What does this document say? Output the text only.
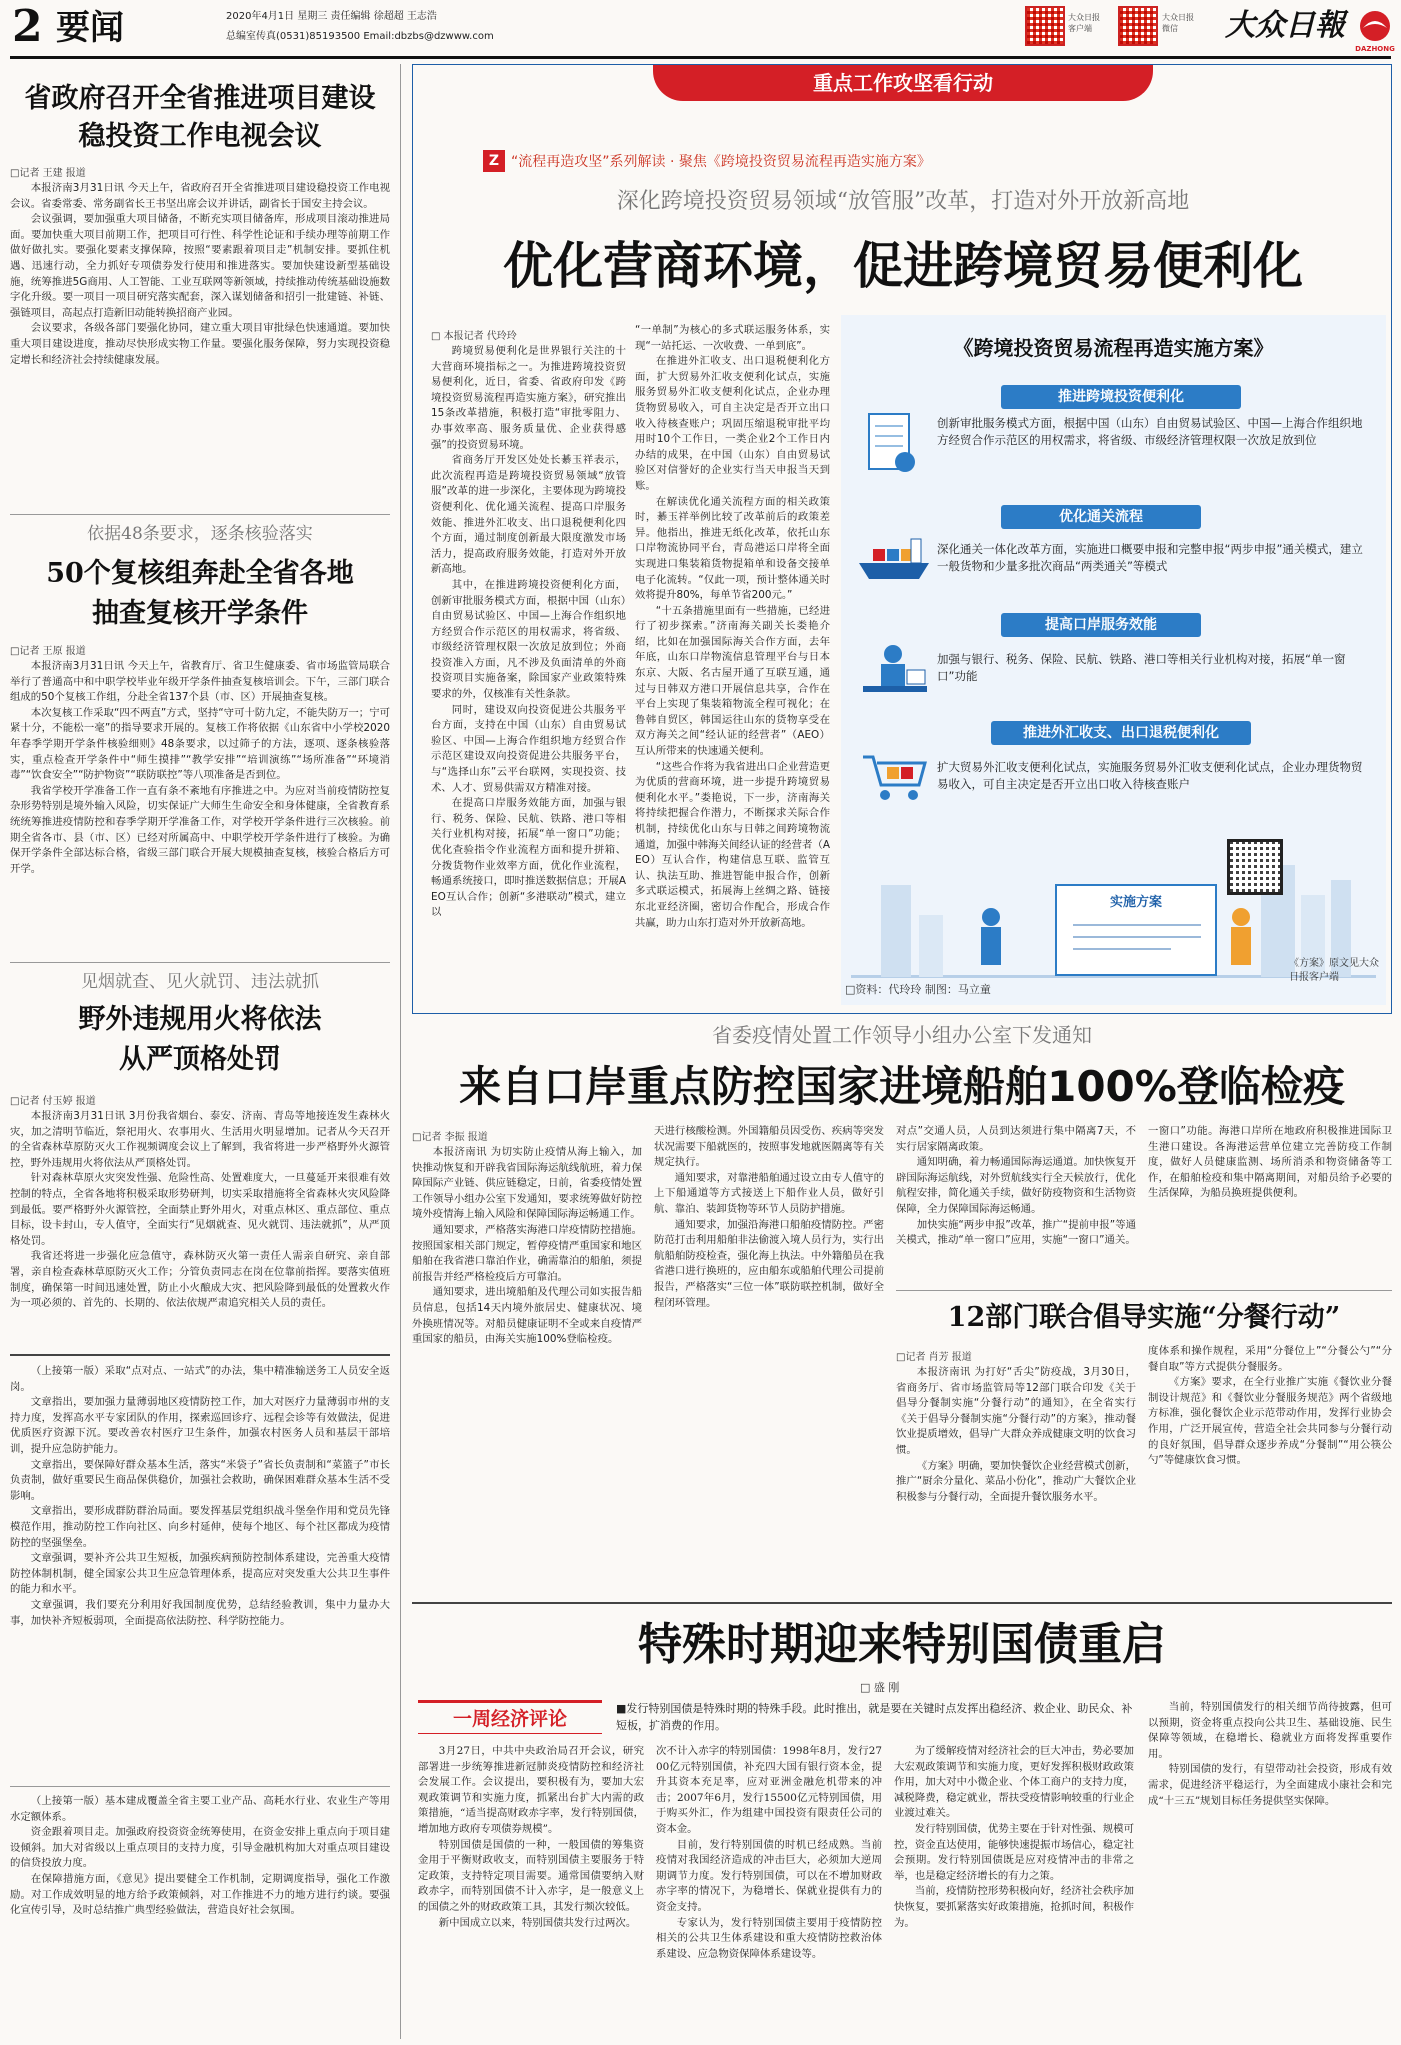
2 要闻	2020年4月1日 星期三 责任编辑 徐超超 王志浩
总编室传真(0531)85193500 Email:dbzbs@dzwww.com
大众日报
客户端
大众日报
微信	大众日報
DAZHONG
省政府召开全省推进项目建设
稳投资工作电视会议
□记者 王建 报道

本报济南3月31日讯 今天上午，省政府召开全省推进项目建设稳投资工作电视会议。省委常委、常务副省长王书坚出席会议并讲话，副省长于国安主持会议。

会议强调，要加强重大项目储备，不断充实项目储备库，形成项目滚动推进局面。要加快重大项目前期工作，把项目可行性、科学性论证和手续办理等前期工作做好做扎实。要强化要素支撑保障，按照“要素跟着项目走”机制安排。要抓住机遇、迅速行动，全力抓好专项债券发行使用和推进落实。要加快建设新型基础设施，统筹推进5G商用、人工智能、工业互联网等新领域，持续推动传统基础设施数字化升级。要一项目一项目研究落实配套，深入谋划储备和招引一批建链、补链、强链项目，高起点打造新旧动能转换招商产业园。

会议要求，各级各部门要强化协同，建立重大项目审批绿色快速通道。要加快重大项目建设进度，推动尽快形成实物工作量。要强化服务保障，努力实现投资稳定增长和经济社会持续健康发展。

依据48条要求，逐条核验落实
50个复核组奔赴全省各地
抽查复核开学条件
□记者 王原 报道

本报济南3月31日讯 今天上午，省教育厅、省卫生健康委、省市场监管局联合举行了普通高中和中职学校毕业年级开学条件抽查复核培训会。下午，三部门联合组成的50个复核工作组，分赴全省137个县（市、区）开展抽查复核。

本次复核工作采取“四不两直”方式，坚持“守可十防九定，不能失防万一；宁可紧十分，不能松一毫”的指导要求开展的。复核工作将依据《山东省中小学校2020年春季学期开学条件核验细则》48条要求，以过筛子的方法，逐项、逐条核验落实，重点检查开学条件中“师生摸排”“教学安排”“培训演练”“场所准备”“环境消毒”“饮食安全”“防护物资”“联防联控”等八项准备是否到位。

我省学校开学准备工作一直有条不紊地有序推进之中。为应对当前疫情防控复杂形势特别是境外输入风险，切实保证广大师生生命安全和身体健康，全省教育系统统筹推进疫情防控和春季学期开学准备工作，对学校开学条件进行三次核验。前期全省各市、县（市、区）已经对所属高中、中职学校开学条件进行了核验。为确保开学条件全部达标合格，省级三部门联合开展大规模抽查复核，核验合格后方可开学。

见烟就查、见火就罚、违法就抓
野外违规用火将依法
从严顶格处罚
□记者 付玉婷 报道

本报济南3月31日讯 3月份我省烟台、泰安、济南、青岛等地接连发生森林火灾，加之清明节临近，祭祀用火、农事用火、生活用火明显增加。记者从今天召开的全省森林草原防灭火工作视频调度会议上了解到，我省将进一步严格野外火源管控，野外违规用火将依法从严顶格处罚。

针对森林草原火灾突发性强、危险性高、处置难度大，一旦蔓延开来很难有效控制的特点，全省各地将积极采取形势研判，切实采取措施将全省森林火灾风险降到最低。要严格野外火源管控，全面禁止野外用火，对重点林区、重点部位、重点目标，设卡封山，专人值守，全面实行“见烟就查、见火就罚、违法就抓”，从严顶格处罚。

我省还将进一步强化应急值守，森林防灭火第一责任人需亲自研究、亲自部署，亲自检查森林草原防灭火工作；分管负责同志在岗在位靠前指挥。要落实值班制度，确保第一时间迅速处置，防止小火酿成大灾、把风险降到最低的处置救火作为一项必须的、首先的、长期的、依法依规严肃追究相关人员的责任。

（上接第一版）采取“点对点、一站式”的办法，集中精准输送务工人员安全返岗。

文章指出，要加强力量薄弱地区疫情防控工作，加大对医疗力量薄弱市州的支持力度，发挥高水平专家团队的作用，探索巡回诊疗、远程会诊等有效做法，促进优质医疗资源下沉。要改善农村医疗卫生条件，加强农村医务人员和基层干部培训，提升应急防护能力。

文章指出，要保障好群众基本生活，落实“米袋子”省长负责制和“菜篮子”市长负责制，做好重要民生商品保供稳价，加强社会救助，确保困难群众基本生活不受影响。

文章指出，要形成群防群治局面。要发挥基层党组织战斗堡垒作用和党员先锋模范作用，推动防控工作向社区、向乡村延伸，使每个地区、每个社区都成为疫情防控的坚强堡垒。

文章强调，要补齐公共卫生短板，加强疾病预防控制体系建设，完善重大疫情防控体制机制，健全国家公共卫生应急管理体系，提高应对突发重大公共卫生事件的能力和水平。

文章强调，我们要充分利用好我国制度优势，总结经验教训，集中力量办大事，加快补齐短板弱项，全面提高依法防控、科学防控能力。

（上接第一版）基本建成覆盖全省主要工业产品、高耗水行业、农业生产等用水定额体系。

资金跟着项目走。加强政府投资资金统筹使用，在资金安排上重点向于项目建设倾斜。加大对省级以上重点项目的支持力度，引导金融机构加大对重点项目建设的信贷投放力度。

在保障措施方面，《意见》提出要健全工作机制，定期调度指导，强化工作激励。对工作成效明显的地方给予政策倾斜，对工作推进不力的地方进行约谈。要强化宣传引导，及时总结推广典型经验做法，营造良好社会氛围。

重点工作攻坚看行动
Z “流程再造攻坚”系列解读 · 聚焦《跨境投资贸易流程再造实施方案》
深化跨境投资贸易领域“放管服”改革，打造对外开放新高地
优化营商环境，促进跨境贸易便利化
□ 本报记者 代玲玲

跨境贸易便利化是世界银行关注的十大营商环境指标之一。为推进跨境投资贸易便利化，近日，省委、省政府印发《跨境投资贸易流程再造实施方案》，研究推出15条改革措施，积极打造“审批零阻力、办事效率高、服务质量优、企业获得感强”的投资贸易环境。

省商务厅开发区处处长綦玉祥表示，此次流程再造是跨境投资贸易领域“放管服”改革的进一步深化，主要体现为跨境投资便利化、优化通关流程、提高口岸服务效能、推进外汇收支、出口退税便利化四个方面，通过制度创新最大限度激发市场活力，提高政府服务效能，打造对外开放新高地。

其中，在推进跨境投资便利化方面，创新审批服务模式方面，根据中国（山东）自由贸易试验区、中国—上海合作组织地方经贸合作示范区的用权需求，将省级、市级经济管理权限一次放足放到位；外商投资准入方面，凡不涉及负面清单的外商投资项目实施备案，除国家产业政策特殊要求的外，仅核准有关性条款。

同时，建设双向投资促进公共服务平台方面，支持在中国（山东）自由贸易试验区、中国—上海合作组织地方经贸合作示范区建设双向投资促进公共服务平台，与“选择山东”云平台联网，实现投资、技术、人才、贸易供需双方精准对接。

在提高口岸服务效能方面，加强与银行、税务、保险、民航、铁路、港口等相关行业机构对接，拓展“单一窗口”功能；优化查验指令作业流程方面和提升拼箱、分拨货物作业效率方面，优化作业流程，畅通系统接口，即时推送数据信息；开展AEO互认合作；创新“多港联动”模式，建立以

“一单制”为核心的多式联运服务体系，实现“一站托运、一次收费、一单到底”。

在推进外汇收支、出口退税便利化方面，扩大贸易外汇收支便利化试点，实施服务贸易外汇收支便利化试点，企业办理货物贸易收入，可自主决定是否开立出口收入待核查账户；巩固压缩退税审批平均用时10个工作日，一类企业2个工作日内办结的成果，在中国（山东）自由贸易试验区对信誉好的企业实行当天申报当天到账。

在解读优化通关流程方面的相关政策时，綦玉祥举例比较了改革前后的政策差异。他指出，推进无纸化改革，依托山东口岸物流协同平台，青岛港运口岸将全面实现进口集装箱货物提箱单和设备交接单电子化流转。“仅此一项，预计整体通关时效将提升80%，每单节省200元。”

“十五条措施里面有一些措施，已经进行了初步探索。”济南海关副关长娄艳介绍，比如在加强国际海关合作方面，去年年底，山东口岸物流信息管理平台与日本东京、大阪、名古屋开通了互联互通，通过与日韩双方港口开展信息共享，合作在平台上实现了集装箱物流全程可视化；在鲁韩自贸区，韩国运往山东的货物享受在双方海关之间“经认证的经营者”（AEO）互认所带来的快速通关便利。

“这些合作将为我省进出口企业营造更为优质的营商环境，进一步提升跨境贸易便利化水平。”娄艳说，下一步，济南海关将持续把握合作潜力，不断探求关际合作机制，持续优化山东与日韩之间跨境物流通道，加强中韩海关间经认证的经营者（AEO）互认合作，构建信息互联、监管互认、执法互助、推进智能申报合作，创新多式联运模式，拓展海上丝绸之路、链接东北亚经济圈，密切合作配合，形成合作共赢，助力山东打造对外开放新高地。

《跨境投资贸易流程再造实施方案》
推进跨境投资便利化
创新审批服务模式方面，根据中国（山东）自由贸易试验区、中国—上海合作组织地方经贸合作示范区的用权需求，将省级、市级经济管理权限一次放足放到位
优化通关流程
深化通关一体化改革方面，实施进口概要申报和完整申报“两步申报”通关模式，建立一般货物和少量多批次商品“两类通关”等模式
提高口岸服务效能
加强与银行、税务、保险、民航、铁路、港口等相关行业机构对接，拓展“单一窗口”功能
推进外汇收支、出口退税便利化
扩大贸易外汇收支便利化试点，实施服务贸易外汇收支便利化试点，企业办理货物贸易收入，可自主决定是否开立出口收入待核查账户
实施方案
《方案》原文见大众日报客户端
□资料：代玲玲 制图：马立童
省委疫情处置工作领导小组办公室下发通知
来自口岸重点防控国家进境船舶100%登临检疫
□记者 李振 报道

本报济南讯 为切实防止疫情从海上输入，加快推动恢复和开辟我省国际海运航线航班，着力保障国际产业链、供应链稳定，日前，省委疫情处置工作领导小组办公室下发通知，要求统筹做好防控境外疫情海上输入风险和保障国际海运畅通工作。

通知要求，严格落实海港口岸疫情防控措施。按照国家相关部门规定，暂停疫情严重国家和地区船舶在我省港口靠泊作业，确需靠泊的船舶，须提前报告并经严格检疫后方可靠泊。

通知要求，进出境船舶及代理公司如实报告船员信息，包括14天内境外旅居史、健康状况、境外换班情况等。对船员健康证明不全或来自疫情严重国家的船员，由海关实施100%登临检疫。

天进行核酸检测。外国籍船员因受伤、疾病等突发状况需要下船就医的，按照事发地就医隔离等有关规定执行。

通知要求，对靠港船舶通过设立由专人值守的上下船通道等方式接送上下船作业人员，做好引航、靠泊、装卸货物等环节人员防护措施。

通知要求，加强沿海港口船舶疫情防控。严密防范打击利用船舶非法偷渡入境人员行为，实行出航船舶防疫检查，强化海上执法。中外籍船员在我省港口进行换班的，应由船东或船舶代理公司提前报告，严格落实“三位一体”联防联控机制，做好全程闭环管理。

对点”交通人员，人员到达须进行集中隔离7天，不实行居家隔离政策。

通知明确，着力畅通国际海运通道。加快恢复开辟国际海运航线，对外贸航线实行全天候放行，优化航程安排，简化通关手续，做好防疫物资和生活物资保障，全力保障国际海运畅通。

加快实施“两步申报”改革，推广“提前申报”等通关模式，推动“单一窗口”应用，实施“一窗口”通关。

一窗口”功能。海港口岸所在地政府积极推进国际卫生港口建设。各海港运营单位建立完善防疫工作制度，做好人员健康监测、场所消杀和物资储备等工作，在船舶检疫和集中隔离期间，对船员给予必要的生活保障，为船员换班提供便利。

12部门联合倡导实施“分餐行动”
□记者 肖芳 报道

本报济南讯 为打好“舌尖”防疫战，3月30日，省商务厅、省市场监管局等12部门联合印发《关于倡导分餐制实施“分餐行动”的通知》，在全省实行《关于倡导分餐制实施“分餐行动”的方案》，推动餐饮业提质增效，倡导广大群众养成健康文明的饮食习惯。

《方案》明确，要加快餐饮企业经营模式创新，推广“厨余分量化、菜品小份化”，推动广大餐饮企业积极参与分餐行动，全面提升餐饮服务水平。

度体系和操作规程，采用“分餐位上”“分餐公勺”“分餐自取”等方式提供分餐服务。

《方案》要求，在全行业推广实施《餐饮业分餐制设计规范》和《餐饮业分餐服务规范》两个省级地方标准，强化餐饮企业示范带动作用，发挥行业协会作用，广泛开展宣传，营造全社会共同参与分餐行动的良好氛围，倡导群众逐步养成“分餐制”“用公筷公勺”等健康饮食习惯。

特殊时期迎来特别国债重启
□ 盛 刚
一周经济评论	■发行特别国债是特殊时期的特殊手段。此时推出，就是要在关键时点发挥出稳经济、救企业、助民众、补短板，扩消费的作用。

3月27日，中共中央政治局召开会议，研究部署进一步统筹推进新冠肺炎疫情防控和经济社会发展工作。会议提出，要积极有为，要加大宏观政策调节和实施力度，抓紧出台扩大内需的政策措施，“适当提高财政赤字率，发行特别国债，增加地方政府专项债券规模”。

特别国债是国债的一种，一般国债的筹集资金用于平衡财政收支，而特别国债主要服务于特定政策，支持特定项目需要。通常国债要纳入财政赤字，而特别国债不计入赤字，是一般意义上的国债之外的财政政策工具，其发行频次较低。

新中国成立以来，特别国债共发行过两次。

次不计入赤字的特别国债：1998年8月，发行2700亿元特别国债，补充四大国有银行资本金，提升其资本充足率，应对亚洲金融危机带来的冲击；2007年6月，发行15500亿元特别国债，用于购买外汇，作为组建中国投资有限责任公司的资本金。

目前，发行特别国债的时机已经成熟。当前疫情对我国经济造成的冲击巨大，必须加大逆周期调节力度。发行特别国债，可以在不增加财政赤字率的情况下，为稳增长、保就业提供有力的资金支持。

专家认为，发行特别国债主要用于疫情防控相关的公共卫生体系建设和重大疫情防控救治体系建设、应急物资保障体系建设等。

为了缓解疫情对经济社会的巨大冲击，势必要加大宏观政策调节和实施力度，更好发挥积极财政政策作用，加大对中小微企业、个体工商户的支持力度，减税降费，稳定就业，帮扶受疫情影响较重的行业企业渡过难关。

发行特别国债，优势主要在于针对性强、规模可控，资金直达使用，能够快速提振市场信心，稳定社会预期。发行特别国债既是应对疫情冲击的非常之举，也是稳定经济增长的有力之策。

当前，疫情防控形势积极向好，经济社会秩序加快恢复，要抓紧落实好政策措施，抢抓时间，积极作为。

当前，特别国债发行的相关细节尚待披露，但可以预期，资金将重点投向公共卫生、基础设施、民生保障等领域，在稳增长、稳就业方面将发挥重要作用。

特别国债的发行，有望带动社会投资，形成有效需求，促进经济平稳运行，为全面建成小康社会和完成“十三五”规划目标任务提供坚实保障。
